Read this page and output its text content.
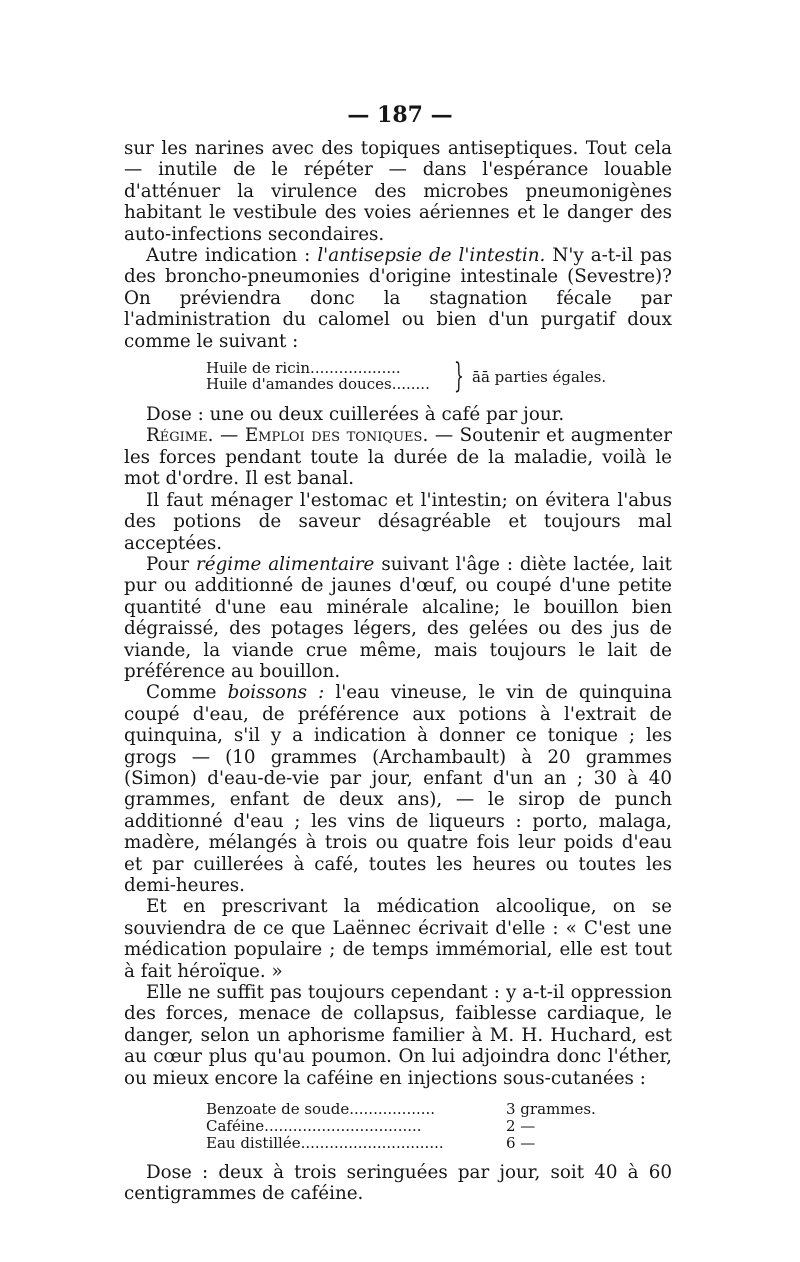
— 187 —

sur les narines avec des topiques antiseptiques. Tout cela — inutile de le répéter — dans l'espérance louable d'atténuer la virulence des microbes pneumonigènes habitant le vestibule des voies aériennes et le danger des auto-infections secondaires.

Autre indication : l'antisepsie de l'intestin. N'y a-t-il pas des broncho-pneumonies d'origine intestinale (Sevestre)? On préviendra donc la stagnation fécale par l'administration du calomel ou bien d'un purgatif doux comme le suivant :

Huile de ricin...................
Huile d'amandes douces........ } āā parties égales.

Dose : une ou deux cuillerées à café par jour.

Régime. — Emploi des toniques. — Soutenir et augmenter les forces pendant toute la durée de la maladie, voilà le mot d'ordre. Il est banal.

Il faut ménager l'estomac et l'intestin; on évitera l'abus des potions de saveur désagréable et toujours mal acceptées.

Pour régime alimentaire suivant l'âge : diète lactée, lait pur ou additionné de jaunes d'œuf, ou coupé d'une petite quantité d'une eau minérale alcaline; le bouillon bien dégraissé, des potages légers, des gelées ou des jus de viande, la viande crue même, mais toujours le lait de préférence au bouillon.

Comme boissons : l'eau vineuse, le vin de quinquina coupé d'eau, de préférence aux potions à l'extrait de quinquina, s'il y a indication à donner ce tonique ; les grogs — (10 grammes (Archambault) à 20 grammes (Simon) d'eau-de-vie par jour, enfant d'un an ; 30 à 40 grammes, enfant de deux ans), — le sirop de punch additionné d'eau ; les vins de liqueurs : porto, malaga, madère, mélangés à trois ou quatre fois leur poids d'eau et par cuillerées à café, toutes les heures ou toutes les demi-heures.

Et en prescrivant la médication alcoolique, on se souviendra de ce que Laënnec écrivait d'elle : « C'est une médication populaire ; de temps immémorial, elle est tout à fait héroïque. »

Elle ne suffit pas toujours cependant : y a-t-il oppression des forces, menace de collapsus, faiblesse cardiaque, le danger, selon un aphorisme familier à M. H. Huchard, est au cœur plus qu'au poumon. On lui adjoindra donc l'éther, ou mieux encore la caféine en injections sous-cutanées :

Benzoate de soude..................	3 grammes.
Caféine.................................	2 —
Eau distillée..............................	6 —

Dose : deux à trois seringuées par jour, soit 40 à 60 centigrammes de caféine.
